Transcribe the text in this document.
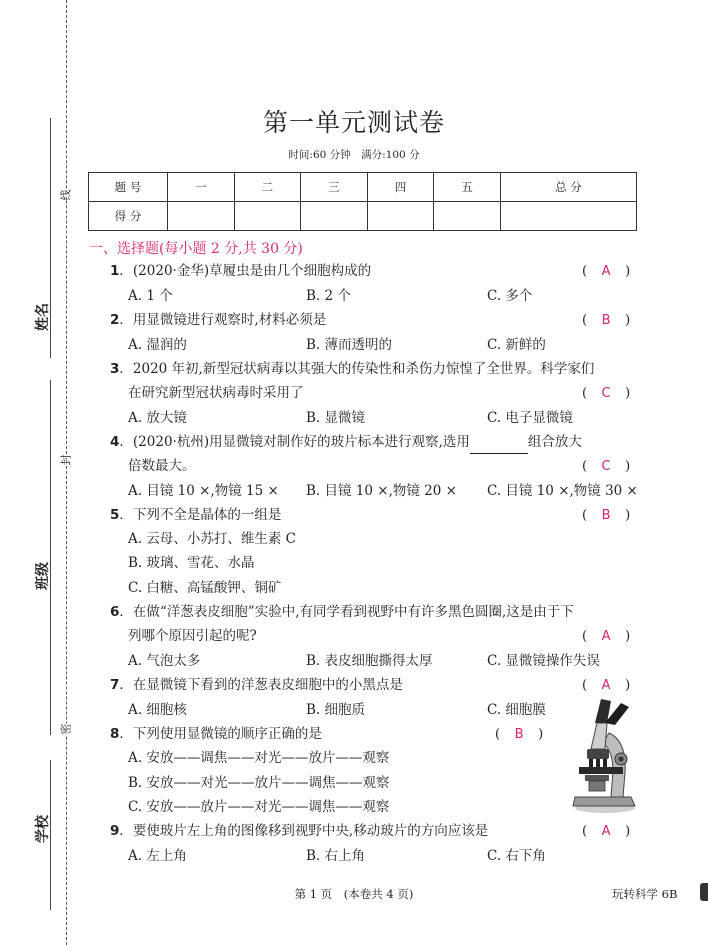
姓名
班级
学校
线
封
密
第一单元测试卷
时间:60 分钟　满分:100 分
题 号	一	二	三	四	五	总 分
得 分						
一、选择题(每小题 2 分,共 30 分)
1．(2020·金华)草履虫是由几个细胞构成的	( A )
A. 1 个	B. 2 个	C. 多个
2．用显微镜进行观察时,材料必须是	( B )
A. 湿润的	B. 薄而透明的	C. 新鲜的
3．2020 年初,新型冠状病毒以其强大的传染性和杀伤力惊惶了全世界。科学家们
在研究新型冠状病毒时采用了	( C )
A. 放大镜	B. 显微镜	C. 电子显微镜
4．(2020·杭州)用显微镜对制作好的玻片标本进行观察,选用	组合放大
倍数最大。	( C )
A. 目镜 10 ×,物镜 15 × B. 目镜 10 ×,物镜 20 × C. 目镜 10 ×,物镜 30 ×
5．下列不全是晶体的一组是	( B )
A. 云母、小苏打、维生素 C
B. 玻璃、雪花、水晶
C. 白糖、高锰酸钾、铜矿
6．在做“洋葱表皮细胞”实验中,有同学看到视野中有许多黑色圆圈,这是由于下
列哪个原因引起的呢?	( A )
A. 气泡太多	B. 表皮细胞撕得太厚	C. 显微镜操作失误
7．在显微镜下看到的洋葱表皮细胞中的小黑点是	( A )
A. 细胞核	B. 细胞质	C. 细胞膜
8．下列使用显微镜的顺序正确的是	( B )
A. 安放——调焦——对光——放片——观察
B. 安放——对光——放片——调焦——观察
C. 安放——放片——对光——调焦——观察
9．要使玻片左上角的图像移到视野中央,移动玻片的方向应该是	( A )
A. 左上角	B. 右上角	C. 右下角
第 1 页　(本卷共 4 页)	玩转科学 6B
